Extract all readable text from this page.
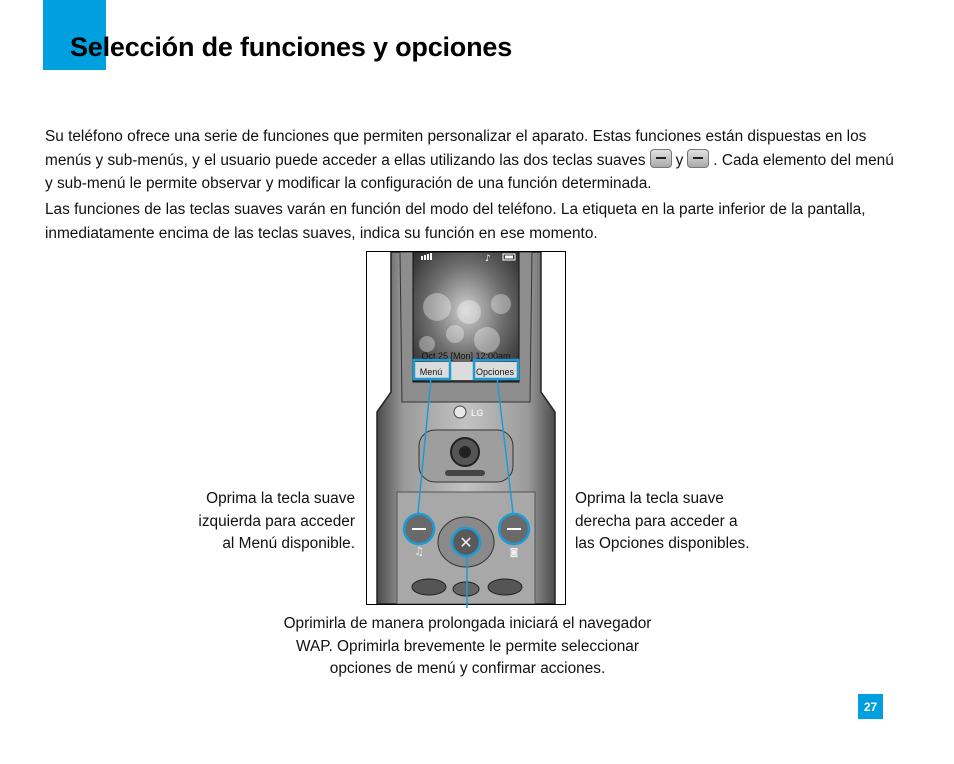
Selección de funciones y opciones

Su teléfono ofrece una serie de funciones que permiten personalizar el aparato. Estas funciones están dispuestas en los menús y sub-menús, y el usuario puede acceder a ellas utilizando las dos teclas suaves y . Cada elemento del menú y sub-menú le permite observar y modificar la configuración de una función determinada.

Las funciones de las teclas suaves varán en función del modo del teléfono. La etiqueta en la parte inferior de la pantalla, inmediatamente encima de las teclas suaves, indica su función en ese momento.

♪
Oct 25 [Mon] 12:00am
Menú	Opciones
LG
✕
♫	◙
Oprima la tecla suave
izquierda para acceder
al Menú disponible.
Oprima la tecla suave
derecha para acceder a
las Opciones disponibles.
Oprimirla de manera prolongada iniciará el navegador
WAP. Oprimirla brevemente le permite seleccionar
opciones de menú y confirmar acciones.
27
